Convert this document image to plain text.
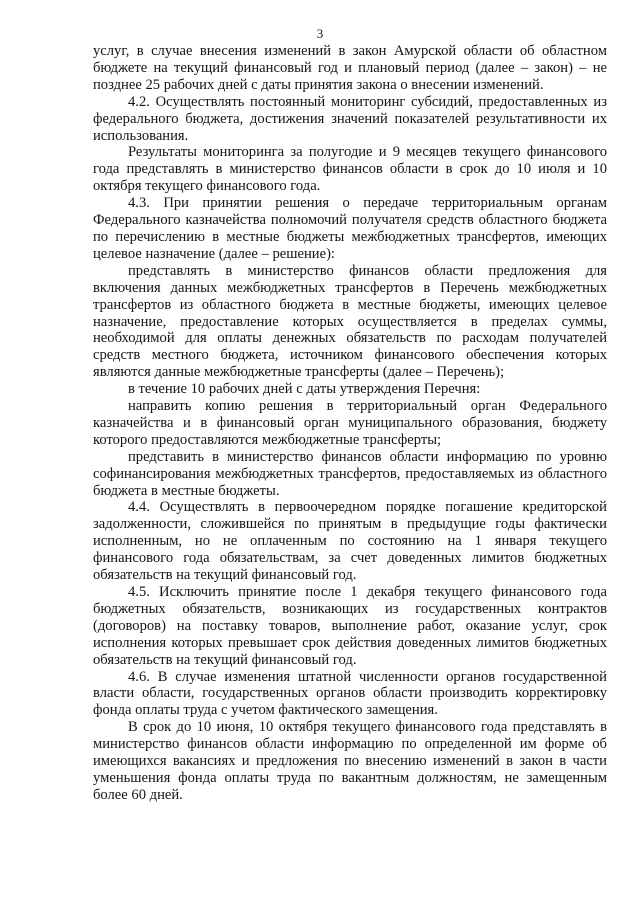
3

услуг, в случае внесения изменений в закон Амурской области об областном бюджете на текущий финансовый год и плановый период (далее – закон) – не позднее 25 рабочих дней с даты принятия закона о внесении изменений.

4.2. Осуществлять постоянный мониторинг субсидий, предоставленных из федерального бюджета, достижения значений показателей результативности их использования.

Результаты мониторинга за полугодие и 9 месяцев текущего финансового года представлять в министерство финансов области в срок до 10 июля и 10 октября текущего финансового года.

4.3. При принятии решения о передаче территориальным органам Федерального казначейства полномочий получателя средств областного бюджета по перечислению в местные бюджеты межбюджетных трансфертов, имеющих целевое назначение (далее – решение):

представлять в министерство финансов области предложения для включения данных межбюджетных трансфертов в Перечень межбюджетных трансфертов из областного бюджета в местные бюджеты, имеющих целевое назначение, предоставление которых осуществляется в пределах суммы, необходимой для оплаты денежных обязательств по расходам получателей средств местного бюджета, источником финансового обеспечения которых являются данные межбюджетные трансферты (далее – Перечень);

в течение 10 рабочих дней с даты утверждения Перечня:

направить копию решения в территориальный орган Федерального казначейства и в финансовый орган муниципального образования, бюджету которого предоставляются межбюджетные трансферты;

представить в министерство финансов области информацию по уровню софинансирования межбюджетных трансфертов, предоставляемых из областного бюджета в местные бюджеты.

4.4. Осуществлять в первоочередном порядке погашение кредиторской задолженности, сложившейся по принятым в предыдущие годы фактически исполненным, но не оплаченным по состоянию на 1 января текущего финансового года обязательствам, за счет доведенных лимитов бюджетных обязательств на текущий финансовый год.

4.5. Исключить принятие после 1 декабря текущего финансового года бюджетных обязательств, возникающих из государственных контрактов (договоров) на поставку товаров, выполнение работ, оказание услуг, срок исполнения которых превышает срок действия доведенных лимитов бюджетных обязательств на текущий финансовый год.

4.6. В случае изменения штатной численности органов государственной власти области, государственных органов области производить корректировку фонда оплаты труда с учетом фактического замещения.

В срок до 10 июня, 10 октября текущего финансового года представлять в министерство финансов области информацию по определенной им форме об имеющихся вакансиях и предложения по внесению изменений в закон в части уменьшения фонда оплаты труда по вакантным должностям, не замещенным более 60 дней.
